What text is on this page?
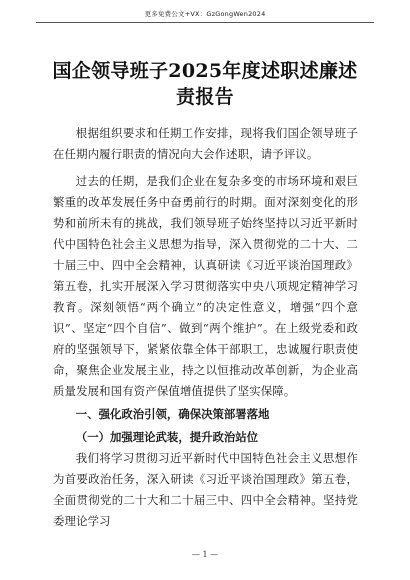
更多免费公文+VX：GzGongWen2024
国企领导班子2025年度述职述廉述责报告

根据组织要求和任期工作安排，现将我们国企领导班子在任期内履行职责的情况向大会作述职，请予评议。

过去的任期，是我们企业在复杂多变的市场环境和艰巨繁重的改革发展任务中奋勇前行的时期。面对深刻变化的形势和前所未有的挑战，我们领导班子始终坚持以习近平新时代中国特色社会主义思想为指导，深入贯彻党的二十大、二十届三中、四中全会精神，认真研读《习近平谈治国理政》第五卷，扎实开展深入学习贯彻落实中央八项规定精神学习教育。深刻领悟“两个确立”的决定性意义，增强“四个意识”、坚定“四个自信”、做到“两个维护”。在上级党委和政府的坚强领导下，紧紧依靠全体干部职工，忠诚履行职责使命，聚焦企业发展主业，持之以恒推动改革创新，为企业高质量发展和国有资产保值增值提供了坚实保障。

一、强化政治引领，确保决策部署落地

（一）加强理论武装，提升政治站位

我们将学习贯彻习近平新时代中国特色社会主义思想作为首要政治任务，深入研读《习近平谈治国理政》第五卷，全面贯彻党的二十大和二十届三中、四中全会精神。坚持党委理论学习

— 1 —
